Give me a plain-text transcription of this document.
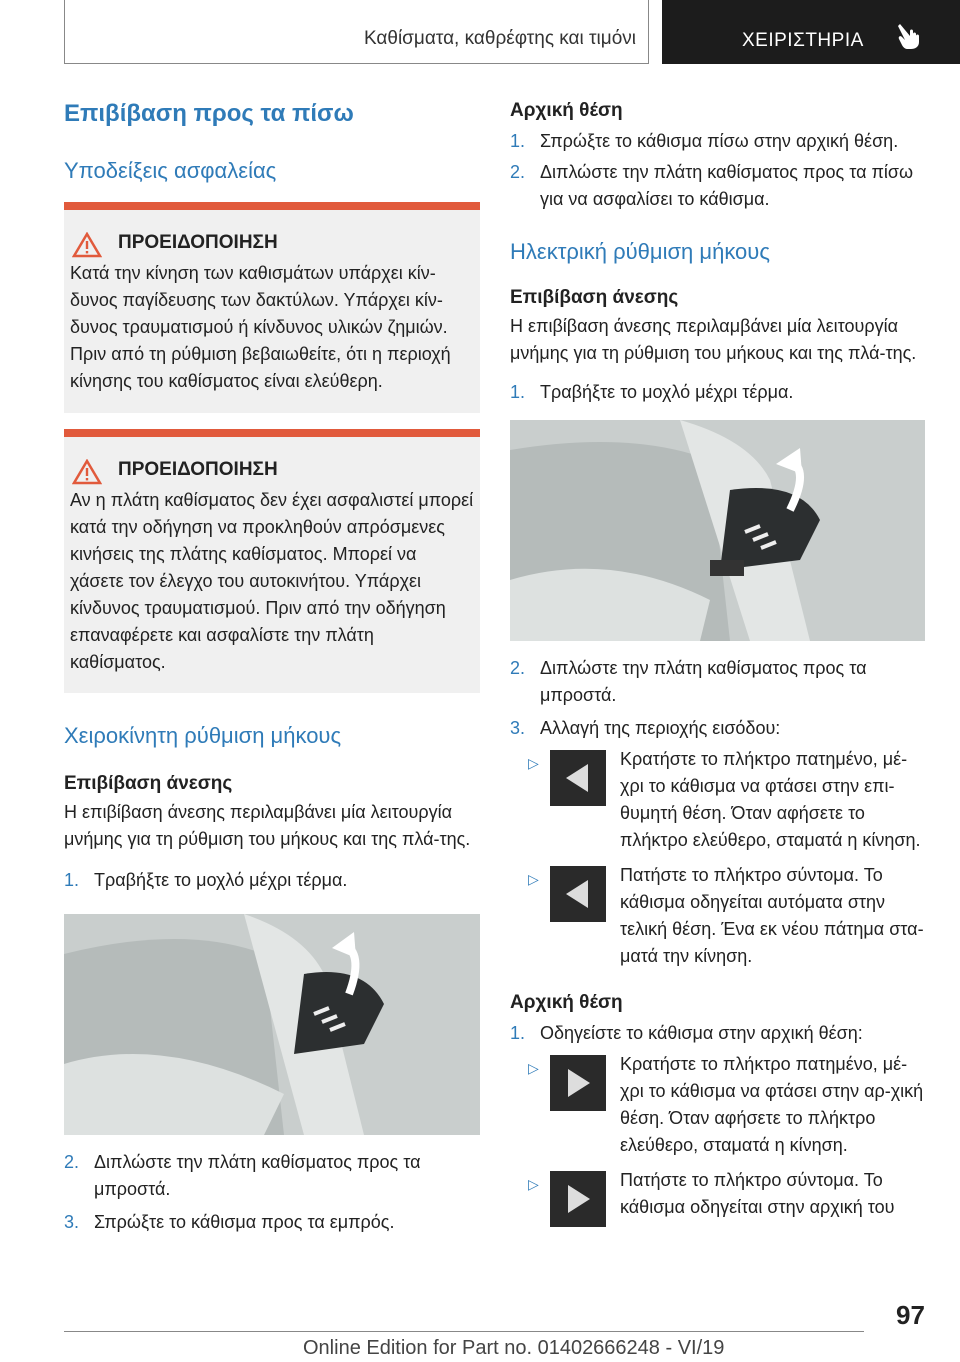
Καθίσματα, καθρέφτης και τιμόνι	ΧΕΙΡΙΣΤΗΡΙΑ
Επιβίβαση προς τα πίσω
Υποδείξεις ασφαλείας
ΠΡΟΕΙΔΟΠΟΙΗΣΗ
Κατά την κίνηση των καθισμάτων υπάρχει κίν-δυνος παγίδευσης των δακτύλων. Υπάρχει κίν-δυνος τραυματισμού ή κίνδυνος υλικών ζημιών. Πριν από τη ρύθμιση βεβαιωθείτε, ότι η περιοχή κίνησης του καθίσματος είναι ελεύθερη.
ΠΡΟΕΙΔΟΠΟΙΗΣΗ
Αν η πλάτη καθίσματος δεν έχει ασφαλιστεί μπορεί κατά την οδήγηση να προκληθούν απρόσμενες κινήσεις της πλάτης καθίσματος. Μπορεί να χάσετε τον έλεγχο του αυτοκινήτου. Υπάρχει κίνδυνος τραυματισμού. Πριν από την οδήγηση επαναφέρετε και ασφαλίστε την πλάτη καθίσματος.
Χειροκίνητη ρύθμιση μήκους
Επιβίβαση άνεσης
Η επιβίβαση άνεσης περιλαμβάνει μία λειτουργία μνήμης για τη ρύθμιση του μήκους και της πλά-της.
1. Τραβήξτε το μοχλό μέχρι τέρμα.
2. Διπλώστε την πλάτη καθίσματος προς τα μπροστά.
3. Σπρώξτε το κάθισμα προς τα εμπρός.
Αρχική θέση
1. Σπρώξτε το κάθισμα πίσω στην αρχική θέση.
2. Διπλώστε την πλάτη καθίσματος προς τα πίσω για να ασφαλίσει το κάθισμα.
Ηλεκτρική ρύθμιση μήκους
Επιβίβαση άνεσης
Η επιβίβαση άνεσης περιλαμβάνει μία λειτουργία μνήμης για τη ρύθμιση του μήκους και της πλά-της.
1. Τραβήξτε το μοχλό μέχρι τέρμα.
2. Διπλώστε την πλάτη καθίσματος προς τα μπροστά.
3. Αλλαγή της περιοχής εισόδου:
▷	Κρατήστε το πλήκτρο πατημένο, μέ-χρι το κάθισμα να φτάσει στην επι-θυμητή θέση. Όταν αφήσετε το πλήκτρο ελεύθερο, σταματά η κίνηση.
▷	Πατήστε το πλήκτρο σύντομα. Το κάθισμα οδηγείται αυτόματα στην τελική θέση. Ένα εκ νέου πάτημα στα-ματά την κίνηση.
Αρχική θέση
1. Οδηγείστε το κάθισμα στην αρχική θέση:
▷	Κρατήστε το πλήκτρο πατημένο, μέ-χρι το κάθισμα να φτάσει στην αρ-χική θέση. Όταν αφήσετε το πλήκτρο ελεύθερο, σταματά η κίνηση.
▷	Πατήστε το πλήκτρο σύντομα. Το κάθισμα οδηγείται στην αρχική του
97
Online Edition for Part no. 01402666248 - VI/19
